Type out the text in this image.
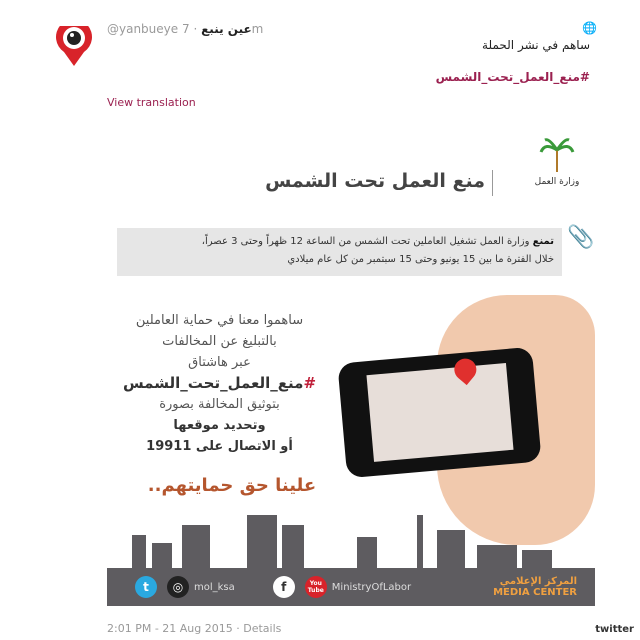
@yanbueye عين ينبع · 7m	🌐
ساهم في نشر الحملة
#منع_العمل_تحت_الشمس
View translation
وزارة العمل
منع العمل تحت الشمس
تمنع وزارة العمل تشغيل العاملين تحت الشمس من الساعة 12 ظهراً وحتى 3 عصراً،
خلال الفترة ما بين 15 يونيو وحتى 15 سبتمبر من كل عام ميلادي
📎
ساهموا معنا في حماية العاملين
بالتبليغ عن المخالفات
عبر هاشتاق
#منع_العمل_تحت_الشمس
بتوثيق المخالفة بصورة
وتحديد موقعها
أو الاتصال على 19911
علينا حق حمايتهم..
t	◎	mol_ksa	f	You Tube MinistryOfLabor	المركز الإعلامي
MEDIA CENTER
2:01 PM - 21 Aug 2015 · Details	twitter
